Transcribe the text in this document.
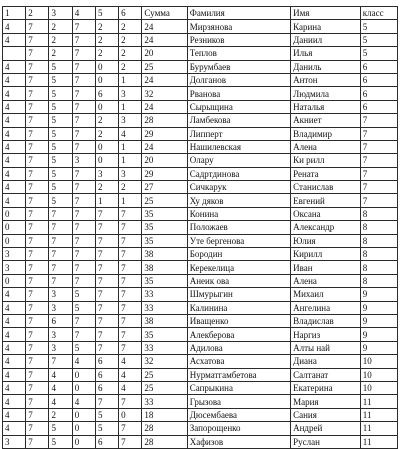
1	2	3	4	5	6	Сумма	Фамилия	Имя	класс
4	7	2	7	2	2	24	Мирзянова	Карина	5
4	7	2	7	2	2	24	Резников	Даниил	5
	7	2	7	2	2	20	Теплов	Илья	5
4	7	5	7	0	2	25	Бурумбаев	Даниль	6
4	7	5	7	0	1	24	Долганов	Антон	6
4	7	5	7	6	3	32	Рванова	Людмила	6
4	7	5	7	0	1	24	Сырыщина	Наталья	6
4	7	5	7	2	3	28	Ламбекова	Акниет	7
4	7	5	7	2	4	29	Липперт	Владимир	7
4	7	5	7	0	1	24	Нашилевская	Алена	7
4	7	5	3	0	1	20	Олару	Ки рилл	7
4	7	5	7	3	3	29	Садртдинова	Рената	7
4	7	5	7	2	2	27	Сичкарук	Станислав	7
4	7	5	7	1	1	25	Ху дяков	Евгений	7
0	7	7	7	7	7	35	Конина	Оксана	8
0	7	7	7	7	7	35	Положаев	Александр	8
0	7	7	7	7	7	35	Уте бергенова	Юлия	8
3	7	7	7	7	7	38	Бородин	Кирилл	8
3	7	7	7	7	7	38	Керекелица	Иван	8
0	7	7	7	7	7	35	Анеик ова	Алена	8
4	7	3	5	7	7	33	Шмурыгин	Михаил	9
4	7	3	5	7	7	33	Калинина	Ангелина	9
4	7	6	7	7	7	38	Иващенко	Владислав	9
4	7	3	7	7	7	35	Алекберова	Наргиз	9
4	7	3	5	7	7	33	Адилова	Алты най	9
4	7	7	4	6	4	32	Асхатова	Диана	10
4	7	4	0	6	4	25	Нурматгамбетова	Салтанат	10
4	7	4	0	6	4	25	Сапрыкина	Екатерина	10
4	7	4	4	7	7	33	Грызова	Мария	11
4	7	2	0	5	0	18	Дюсембаева	Сания	11
4	7	5	0	5	7	28	Запорощенко	Андрей	11
3	7	5	0	6	7	28	Хафизов	Руслан	11
